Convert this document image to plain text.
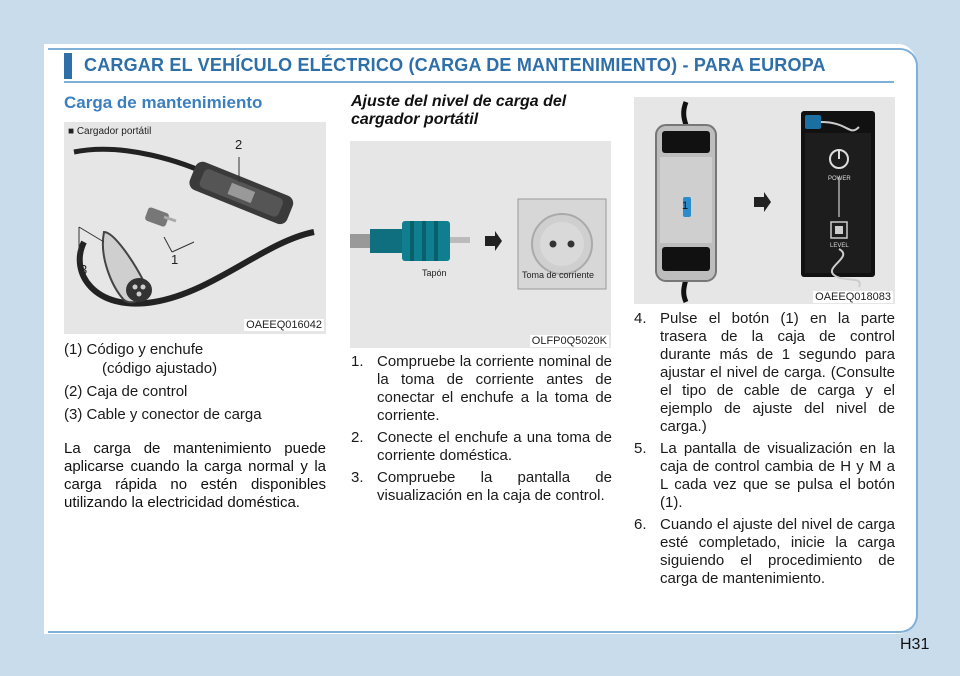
CARGAR EL VEHÍCULO ELÉCTRICO (CARGA DE MANTENIMIENTO) - PARA EUROPA
Carga de mantenimiento
■ Cargador portátil
2
3
1
OAEEQ016042
(1) Código y enchufe
(código ajustado)
(2) Caja de control
(3) Cable y conector de carga
La carga de mantenimiento puede aplicarse cuando la carga normal y la carga rápida no estén disponibles utilizando la electricidad doméstica.
Ajuste del nivel de carga del cargador portátil
Tapón	Toma de corriente
OLFP0Q5020K
1. Compruebe la corriente nominal de la toma de corriente antes de conectar el enchufe a la toma de corriente.
2. Conecte el enchufe a una toma de corriente doméstica.
3. Compruebe la pantalla de visualización en la caja de control.
POWER
LEVEL
1
OAEEQ018083
4. Pulse el botón (1) en la parte trasera de la caja de control durante más de 1 segundo para ajustar el nivel de carga. (Consulte el tipo de cable de carga y el ejemplo de ajuste del nivel de carga.)
5. La pantalla de visualización en la caja de control cambia de H y M a L cada vez que se pulsa el botón (1).
6. Cuando el ajuste del nivel de carga esté completado, inicie la carga siguiendo el procedimiento de carga de mantenimiento.
H31
